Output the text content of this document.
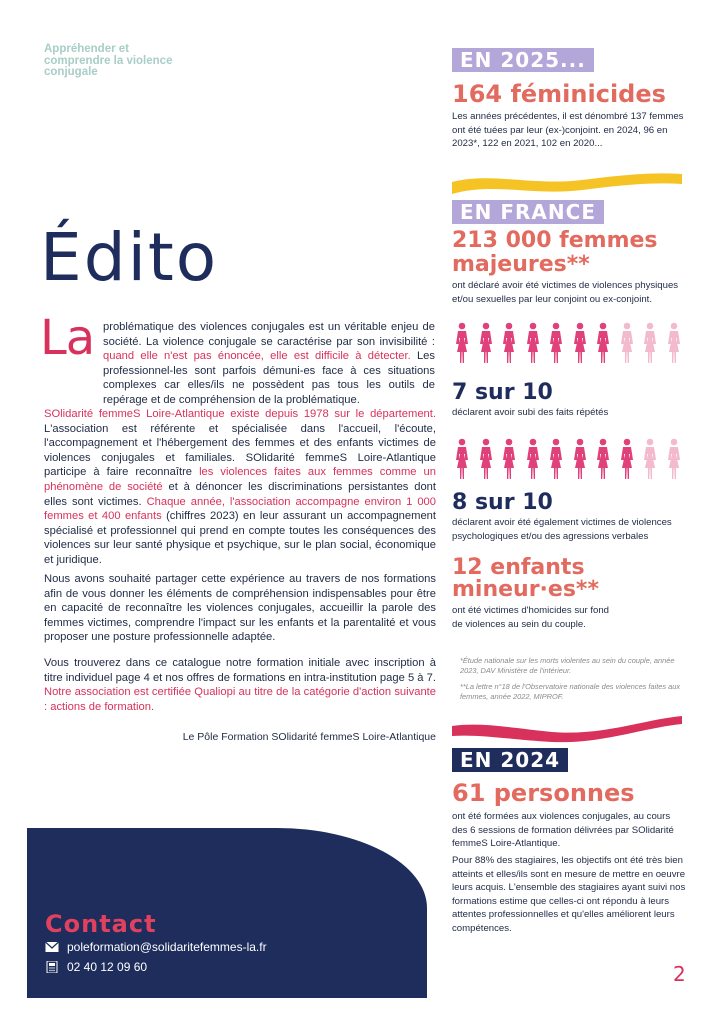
Appréhender et comprendre la violence conjugale
Édito
La problématique des violences conjugales est un véritable enjeu de société. La violence conjugale se caractérise par son invisibilité : quand elle n'est pas énoncée, elle est difficile à détecter. Les professionnel-les sont parfois démuni-es face à ces situations complexes car elles/ils ne possèdent pas tous les outils de repérage et de compréhension de la problématique.

SOlidarité femmeS Loire-Atlantique existe depuis 1978 sur le département. L'association est référente et spécialisée dans l'accueil, l'écoute, l'accompagnement et l'hébergement des femmes et des enfants victimes de violences conjugales et familiales. SOlidarité femmeS Loire-Atlantique participe à faire reconnaître les violences faites aux femmes comme un phénomène de société et à dénoncer les discriminations persistantes dont elles sont victimes. Chaque année, l'association accompagne environ 1 000 femmes et 400 enfants (chiffres 2023) en leur assurant un accompagnement spécialisé et professionnel qui prend en compte toutes les conséquences des violences sur leur santé physique et psychique, sur le plan social, économique et juridique.

Nous avons souhaité partager cette expérience au travers de nos formations afin de vous donner les éléments de compréhension indispensables pour être en capacité de reconnaître les violences conjugales, accueillir la parole des femmes victimes, comprendre l'impact sur les enfants et la parentalité et vous proposer une posture professionnelle adaptée.

Vous trouverez dans ce catalogue notre formation initiale avec inscription à titre individuel page 4 et nos offres de formations en intra-institution page 5 à 7. Notre association est certifiée Qualiopi au titre de la catégorie d'action suivante : actions de formation.

Le Pôle Formation SOlidarité femmeS Loire-Atlantique
Contact
poleformation@solidaritefemmes-la.fr
02 40 12 09 60
EN 2025...
164 féminicides
Les années précédentes, il est dénombré 137 femmes ont été tuées par leur (ex-)conjoint. en 2024, 96 en 2023*, 122 en 2021, 102 en 2020...
EN FRANCE
213 000 femmes
majeures**
ont déclaré avoir été victimes de violences physiques et/ou sexuelles par leur conjoint ou ex-conjoint.
7 sur 10
déclarent avoir subi des faits répétés
8 sur 10
déclarent avoir été également victimes de violences psychologiques et/ou des agressions verbales
12 enfants
mineur·es**
ont été victimes d'homicides sur fond de violences au sein du couple.
*Étude nationale sur les morts violentes au sein du couple, année 2023, DAV Ministère de l'intérieur.
**La lettre n°18 de l'Observatoire nationale des violences faites aux femmes, année 2022, MIPROF.
EN 2024
61 personnes
ont été formées aux violences conjugales, au cours des 6 sessions de formation délivrées par SOlidarité femmeS Loire-Atlantique.
Pour 88% des stagiaires, les objectifs ont été très bien atteints et elles/ils sont en mesure de mettre en oeuvre leurs acquis. L'ensemble des stagiaires ayant suivi nos formations estime que celles-ci ont répondu à leurs attentes professionnelles et qu'elles améliorent leurs compétences.
2
